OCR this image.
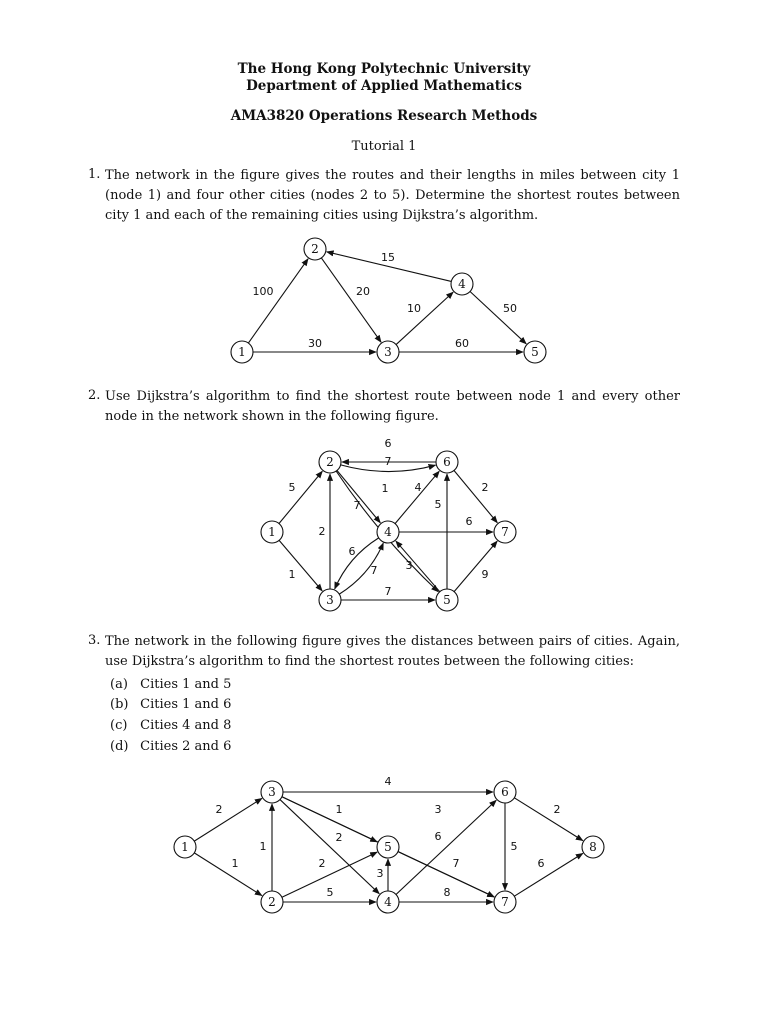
The Hong Kong Polytechnic University
Department of Applied Mathematics
AMA3820 Operations Research Methods
Tutorial 1
1. The network in the figure gives the routes and their lengths in miles between city 1 (node 1) and four other cities (nodes 2 to 5). Determine the shortest routes between city 1 and each of the remaining cities using Dijkstra’s algorithm.
2. Use Dijkstra’s algorithm to find the shortest route between node 1 and every other node in the network shown in the following figure.
3. The network in the following figure gives the distances between pairs of cities. Again, use Dijkstra’s algorithm to find the shortest routes between the following cities:
(a) Cities 1 and 5
(b) Cities 1 and 6
(c) Cities 4 and 8
(d) Cities 2 and 6
100
30
20
10
60
15
50
1
2
3
4
5
5
1
2
6
7
7
1
6
7
7
4
6
3
5
9
2
1
2
3
4
5
6
7
2
1
1
2
5
4
1
2
3
3
6
8
7
5
2
6
1
2
3
4
5
6
7
8
